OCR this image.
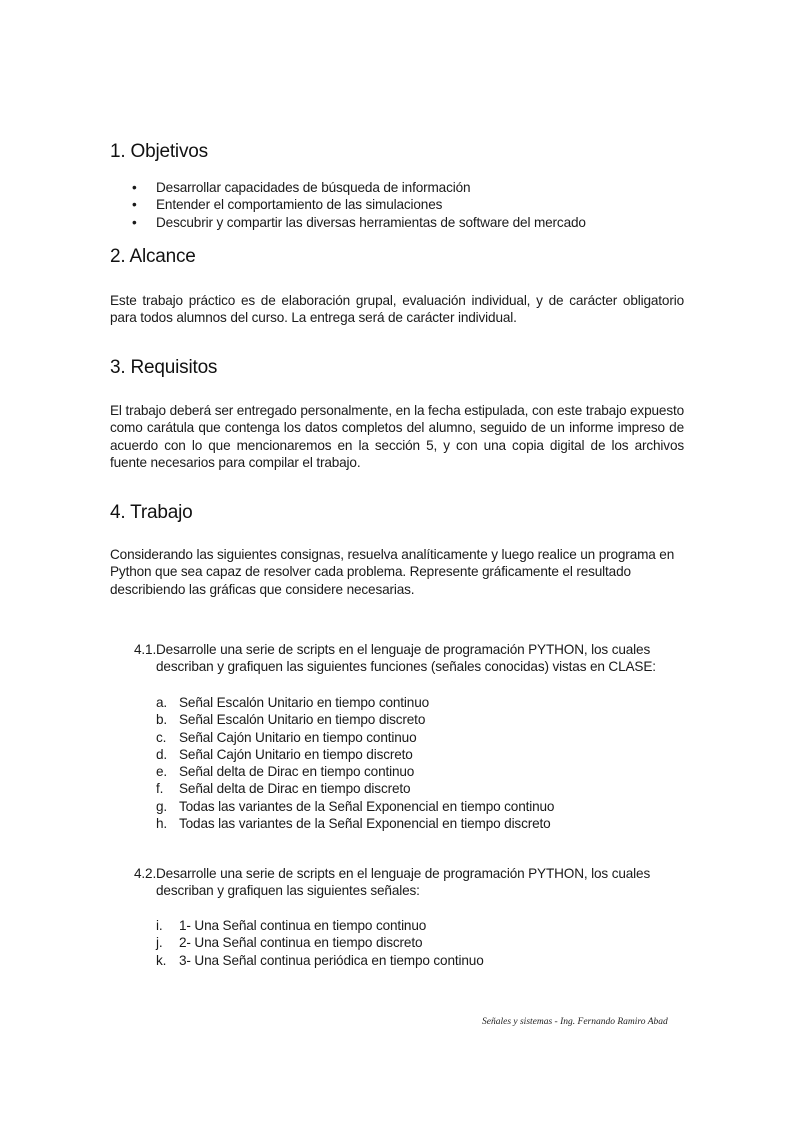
1. Objetivos
• Desarrollar capacidades de búsqueda de información
• Entender el comportamiento de las simulaciones
• Descubrir y compartir las diversas herramientas de software del mercado
2. Alcance

Este trabajo práctico es de elaboración grupal, evaluación individual, y de carácter obligatorio para todos alumnos del curso. La entrega será de carácter individual.

3. Requisitos

El trabajo deberá ser entregado personalmente, en la fecha estipulada, con este trabajo expuesto como carátula que contenga los datos completos del alumno, seguido de un informe impreso de acuerdo con lo que mencionaremos en la sección 5, y con una copia digital de los archivos fuente necesarios para compilar el trabajo.

4. Trabajo

Considerando las siguientes consignas, resuelva analíticamente y luego realice un programa en Python que sea capaz de resolver cada problema. Represente gráficamente el resultado describiendo las gráficas que considere necesarias.

4.1. Desarrolle una serie de scripts en el lenguaje de programación PYTHON, los cuales describan y grafiquen las siguientes funciones (señales conocidas) vistas en CLASE:
a. Señal Escalón Unitario en tiempo continuo
b. Señal Escalón Unitario en tiempo discreto
c. Señal Cajón Unitario en tiempo continuo
d. Señal Cajón Unitario en tiempo discreto
e. Señal delta de Dirac en tiempo continuo
f. Señal delta de Dirac en tiempo discreto
g. Todas las variantes de la Señal Exponencial en tiempo continuo
h. Todas las variantes de la Señal Exponencial en tiempo discreto
4.2. Desarrolle una serie de scripts en el lenguaje de programación PYTHON, los cuales describan y grafiquen las siguientes señales:
i. 1- Una Señal continua en tiempo continuo
j. 2- Una Señal continua en tiempo discreto
k. 3- Una Señal continua periódica en tiempo continuo
Señales y sistemas - Ing. Fernando Ramiro Abad
